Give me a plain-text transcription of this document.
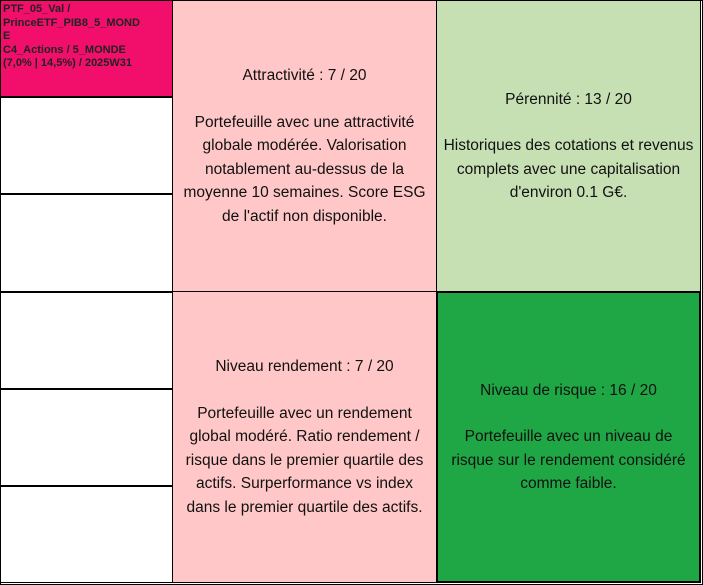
PTF_05_Val /
PrinceETF_PIB8_5_MOND
E
C4_Actions / 5_MONDE
(7,0% | 14,5%) / 2025W31
Attractivité : 7 / 20
Portefeuille avec une attractivité globale modérée. Valorisation notablement au-dessus de la moyenne 10 semaines. Score ESG de l'actif non disponible.
Pérennité : 13 / 20
Historiques des cotations et revenus complets avec une capitalisation d'environ 0.1 G€.
Niveau rendement : 7 / 20
Portefeuille avec un rendement global modéré. Ratio rendement / risque dans le premier quartile des actifs. Surperformance vs index dans le premier quartile des actifs.
Niveau de risque : 16 / 20
Portefeuille avec un niveau de risque sur le rendement considéré comme faible.
